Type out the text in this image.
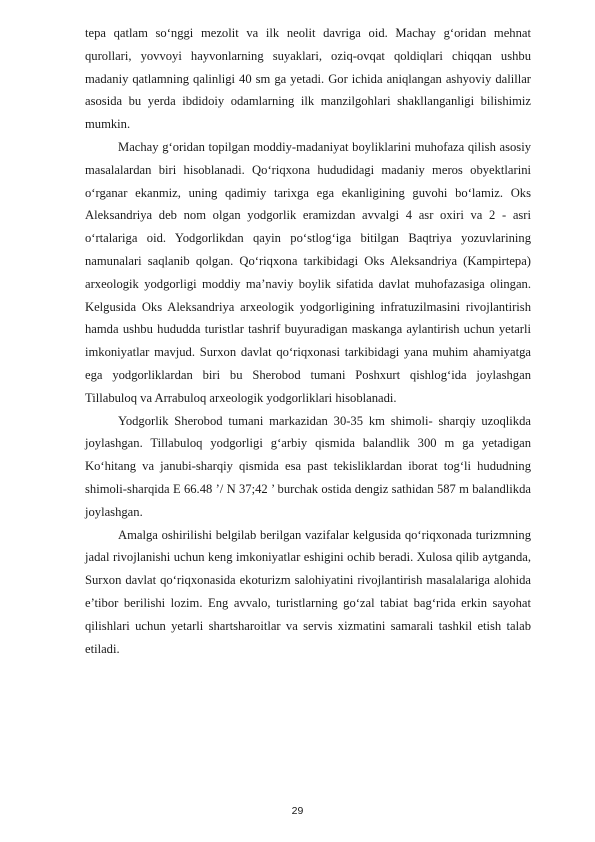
tepa qatlam so‘nggi mezolit va ilk neolit davriga oid. Machay g‘oridan mehnat qurollari, yovvoyi hayvonlarning suyaklari, oziq-ovqat qoldiqlari chiqqan ushbu madaniy qatlamning qalinligi 40 sm ga yetadi. Gor ichida aniqlangan ashyoviy dalillar asosida bu yerda ibdidoiy odamlarning ilk manzilgohlari shakllanganligi bilishimiz mumkin.

Machay g‘oridan topilgan moddiy-madaniyat boyliklarini muhofaza qilish asosiy masalalardan biri hisoblanadi. Qo‘riqxona hududidagi madaniy meros obyektlarini o‘rganar ekanmiz, uning qadimiy tarixga ega ekanligining guvohi bo‘lamiz. Oks Aleksandriya deb nom olgan yodgorlik eramizdan avvalgi 4 asr oxiri va 2 - asri o‘rtalariga oid. Yodgorlikdan qayin po‘stlog‘iga bitilgan Baqtriya yozuvlarining namunalari saqlanib qolgan. Qo‘riqxona tarkibidagi Oks Aleksandriya (Kampirtepa) arxeologik yodgorligi moddiy ma’naviy boylik sifatida davlat muhofazasiga olingan. Kelgusida Oks Aleksandriya arxeologik yodgorligining infratuzilmasini rivojlantirish hamda ushbu hududda turistlar tashrif buyuradigan maskanga aylantirish uchun yetarli imkoniyatlar mavjud. Surxon davlat qo‘riqxonasi tarkibidagi yana muhim ahamiyatga ega yodgorliklardan biri bu Sherobod tumani Poshxurt qishlog‘ida joylashgan Tillabuloq va Arrabuloq arxeologik yodgorliklari hisoblanadi.

Yodgorlik Sherobod tumani markazidan 30-35 km shimoli- sharqiy uzoqlikda joylashgan. Tillabuloq yodgorligi g‘arbiy qismida balandlik 300 m ga yetadigan Ko‘hitang va janubi-sharqiy qismida esa past tekisliklardan iborat tog‘li hududning shimoli-sharqida E 66.48 ’/ N 37;42 ’ burchak ostida dengiz sathidan 587 m balandlikda joylashgan.

Amalga oshirilishi belgilab berilgan vazifalar kelgusida qo‘riqxonada turizmning jadal rivojlanishi uchun keng imkoniyatlar eshigini ochib beradi. Xulosa qilib aytganda, Surxon davlat qo‘riqxonasida ekoturizm salohiyatini rivojlantirish masalalariga alohida e’tibor berilishi lozim. Eng avvalo, turistlarning go‘zal tabiat bag‘rida erkin sayohat qilishlari uchun yetarli shartsharoitlar va servis xizmatini samarali tashkil etish talab etiladi.

29
